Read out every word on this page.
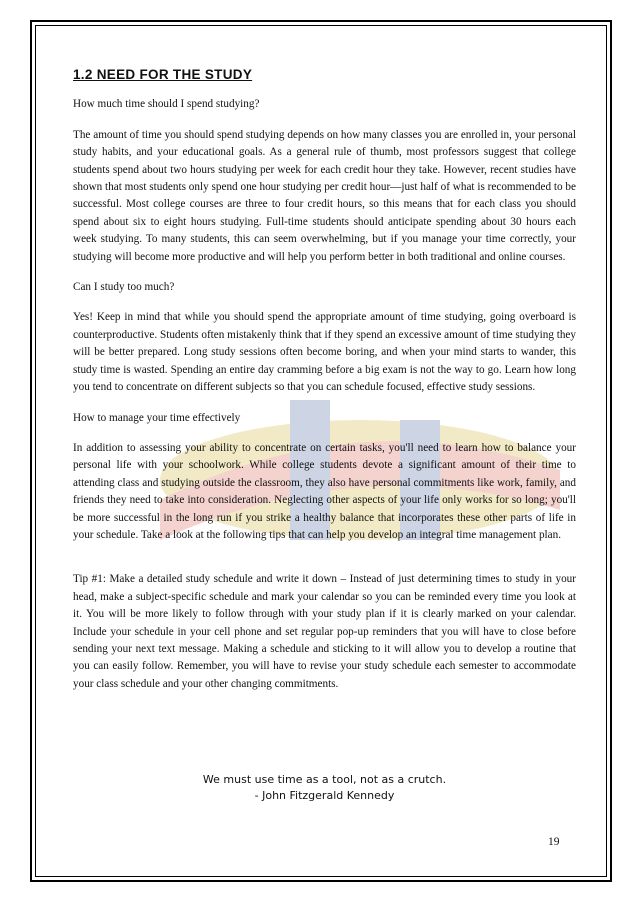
1.2 NEED FOR THE STUDY
How much time should I spend studying?
The amount of time you should spend studying depends on how many classes you are enrolled in, your personal study habits, and your educational goals. As a general rule of thumb, most professors suggest that college students spend about two hours studying per week for each credit hour they take. However, recent studies have shown that most students only spend one hour studying per credit hour—just half of what is recommended to be successful. Most college courses are three to four credit hours, so this means that for each class you should spend about six to eight hours studying. Full-time students should anticipate spending about 30 hours each week studying. To many students, this can seem overwhelming, but if you manage your time correctly, your studying will become more productive and will help you perform better in both traditional and online courses.
Can I study too much?
Yes! Keep in mind that while you should spend the appropriate amount of time studying, going overboard is counterproductive. Students often mistakenly think that if they spend an excessive amount of time studying they will be better prepared. Long study sessions often become boring, and when your mind starts to wander, this study time is wasted. Spending an entire day cramming before a big exam is not the way to go. Learn how long you tend to concentrate on different subjects so that you can schedule focused, effective study sessions.
How to manage your time effectively
In addition to assessing your ability to concentrate on certain tasks, you'll need to learn how to balance your personal life with your schoolwork. While college students devote a significant amount of their time to attending class and studying outside the classroom, they also have personal commitments like work, family, and friends they need to take into consideration. Neglecting other aspects of your life only works for so long; you'll be more successful in the long run if you strike a healthy balance that incorporates these other parts of life in your schedule. Take a look at the following tips that can help you develop an integral time management plan.
Tip #1: Make a detailed study schedule and write it down – Instead of just determining times to study in your head, make a subject-specific schedule and mark your calendar so you can be reminded every time you look at it. You will be more likely to follow through with your study plan if it is clearly marked on your calendar. Include your schedule in your cell phone and set regular pop-up reminders that you will have to close before sending your next text message. Making a schedule and sticking to it will allow you to develop a routine that you can easily follow. Remember, you will have to revise your study schedule each semester to accommodate your class schedule and your other changing commitments.
We must use time as a tool, not as a crutch.
- John Fitzgerald Kennedy
19
